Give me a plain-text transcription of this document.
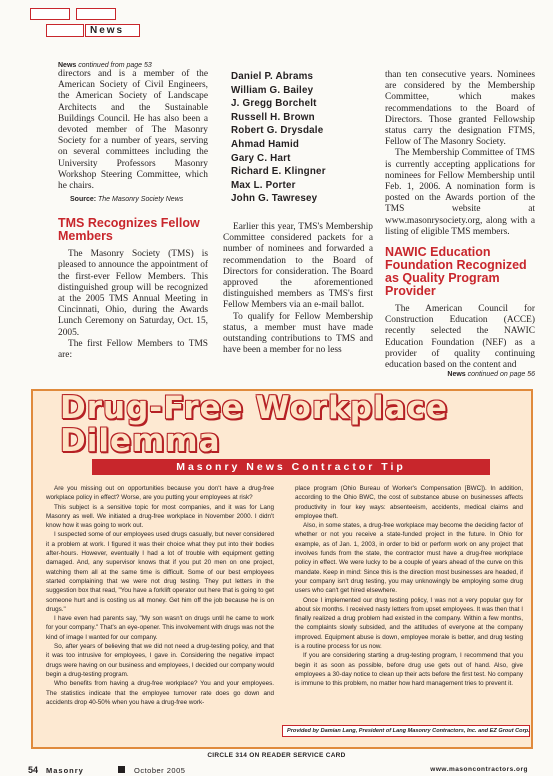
News
News continued from page 53

directors and is a member of the American Society of Civil Engineers, the American Society of Landscape Architects and the Sustainable Buildings Council. He has also been a devoted member of The Masonry Society for a number of years, serving on several committees including the University Professors Masonry Workshop Steering Committee, which he chairs.

Source: The Masonry Society News
TMS Recognizes Fellow Members

The Masonry Society (TMS) is pleased to announce the appointment of the first-ever Fellow Members. This distinguished group will be recognized at the 2005 TMS Annual Meeting in Cincinnati, Ohio, during the Awards Lunch Ceremony on Saturday, Oct. 15, 2005.

The first Fellow Members to TMS are:

Daniel P. Abrams
William G. Bailey
J. Gregg Borchelt
Russell H. Brown
Robert G. Drysdale
Ahmad Hamid
Gary C. Hart
Richard E. Klingner
Max L. Porter
John G. Tawresey

Earlier this year, TMS's Membership Committee considered packets for a number of nominees and forwarded a recommendation to the Board of Directors for consideration. The Board approved the aforementioned distinguished members as TMS's first Fellow Members via an e-mail ballot.

To qualify for Fellow Membership status, a member must have made outstanding contributions to TMS and have been a member for no less

than ten consecutive years. Nominees are considered by the Membership Committee, which makes recommendations to the Board of Directors. Those granted Fellowship status carry the designation FTMS, Fellow of The Masonry Society.

The Membership Committee of TMS is currently accepting applications for nominees for Fellow Membership until Feb. 1, 2006. A nomination form is posted on the Awards portion of the TMS website at www.masonrysociety.org, along with a listing of eligible TMS members.

NAWIC Education Foundation Recognized as Quality Program Provider

The American Council for Construction Education (ACCE) recently selected the NAWIC Education Foundation (NEF) as a provider of quality continuing education based on the content and

News continued on page 56
Drug-Free Workplace
Dilemma
Masonry News Contractor Tip

Are you missing out on opportunities because you don't have a drug-free workplace policy in effect? Worse, are you putting your employees at risk?

This subject is a sensitive topic for most companies, and it was for Lang Masonry as well. We initiated a drug-free workplace in November 2000. I didn't know how it was going to work out.

I suspected some of our employees used drugs casually, but never considered it a problem at work. I figured it was their choice what they put into their bodies after-hours. However, eventually I had a lot of trouble with equipment getting damaged. And, any supervisor knows that if you put 20 men on one project, watching them all at the same time is difficult. Some of our best employees started complaining that we were not drug testing. They put letters in the suggestion box that read, "You have a forklift operator out here that is going to get someone hurt and is costing us all money. Get him off the job because he is on drugs."

I have even had parents say, "My son wasn't on drugs until he came to work for your company." That's an eye-opener. This involvement with drugs was not the kind of image I wanted for our company.

So, after years of believing that we did not need a drug-testing policy, and that it was too intrusive for employees, I gave in. Considering the negative impact drugs were having on our business and employees, I decided our company would begin a drug-testing program.

Who benefits from having a drug-free workplace? You and your employees. The statistics indicate that the employee turnover rate does go down and accidents drop 40-50% when you have a drug-free work-

place program (Ohio Bureau of Worker's Compensation [BWC]). In addition, according to the Ohio BWC, the cost of substance abuse on businesses affects productivity in four key ways: absenteeism, accidents, medical claims and employee theft.

Also, in some states, a drug-free workplace may become the deciding factor of whether or not you receive a state-funded project in the future. In Ohio for example, as of Jan. 1, 2003, in order to bid or perform work on any project that involves funds from the state, the contractor must have a drug-free workplace policy in effect. We were lucky to be a couple of years ahead of the curve on this mandate. Keep in mind: Since this is the direction most businesses are headed, if your company isn't drug testing, you may unknowingly be employing some drug users who can't get hired elsewhere.

Once I implemented our drug testing policy, I was not a very popular guy for about six months. I received nasty letters from upset employees. It was then that I finally realized a drug problem had existed in the company. Within a few months, the complaints slowly subsided, and the attitudes of everyone at the company improved. Equipment abuse is down, employee morale is better, and drug testing is a routine process for us now.

If you are considering starting a drug-testing program, I recommend that you begin it as soon as possible, before drug use gets out of hand. Also, give employees a 30-day notice to clean up their acts before the first test. No company is immune to this problem, no matter how hard management tries to prevent it.

Provided by Damian Lang, President of Lang Masonry Contractors, Inc. and EZ Grout Corp.
CIRCLE 314 ON READER SERVICE CARD
54 Masonry	October 2005	www.masoncontractors.org
